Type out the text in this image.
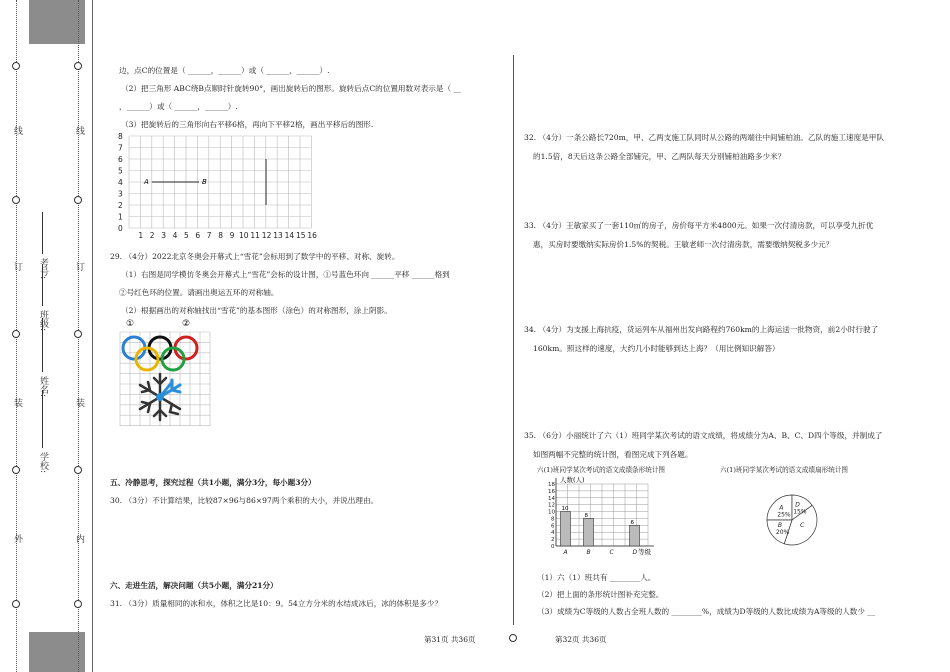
线
订
装
外
线
订
装
内
学校:
姓名:
班级:
考号:
边，点C的位置是（ ______，______）或（ ______，______）.
（2）把三角形 ABC绕B点顺时针旋转90°，画出旋转后的图形。旋转后点C的位置用数对表示是（ __
，______）或（ ______，______）.
（3）把旋转后的三角形向右平移6格，再向下平移2格，画出平移后的图形.
8
7
6
5
4
3
2
1
0
1 2 3 4 5 6 7 8 9 10 11 12 13 14 15 16
A	B
29. （4分）2022北京冬奥会开幕式上“雪花”会标用到了数学中的平移、对称、旋转。
（1）右图是同学模仿冬奥会开幕式上“雪花”会标的设计图，①号蓝色环向 ______平移 ______格到
②号红色环的位置。请画出奥运五环的对称轴。
（2）根据画出的对称轴找出“雪花”的基本图形（涂色）的对称图形，涂上阴影。
①	②
五、冷静思考，探究过程（共1小题，满分3分，每小题3分）
30. （3分）不计算结果，比较87×96与86×97两个乘积的大小，并说出理由。
六、走进生活，解决问题（共5小题，满分21分）
31. （3分）质量相同的冰和水，体积之比是10：9。54立方分米的水结成冰后，冰的体积是多少？
32. （4分）一条公路长720m，甲、乙两支施工队同时从公路的两端往中间铺柏油。乙队的施工速度是甲队
的1.5倍，8天后这条公路全部铺完，甲、乙两队每天分别铺柏油路多少米？
33. （4分）王敏家买了一套110㎡的房子，房价每平方米4800元。如果一次付清房款，可以享受九折优
惠，买房时要缴纳实际房价1.5%的契税。王敏老师一次付清房款，需要缴纳契税多少元？
34. （4分）为支援上海抗疫，货运列车从福州出发向路程约760km的上海运送一批物资，前2小时行驶了
160km。照这样的速度，大约几小时能够到达上海？（用比例知识解答）
35. （6分）小丽统计了六（1）班同学某次考试的语文成绩，将成绩分为A、B、C、D四个等级，并制成了
如图两幅不完整的统计图，看图完成下列各题。
六(1)班同学某次考试的语文成绩条形统计图	六(1)班同学某次考试的语文成绩扇形统计图
人数(人)
等级
18
16
14
12
10
8
6
4
2
0
10
8
6
A	B	C	D
A
25%
D
15%
C
B
20%
（1）六（1）班共有 ________人。
（2）把上面的条形统计图补充完整。
（3）成绩为C等级的人数占全班人数的 ________%，成绩为D等级的人数比成绩为A等级的人数少 __
第31页 共36页	第32页 共36页
